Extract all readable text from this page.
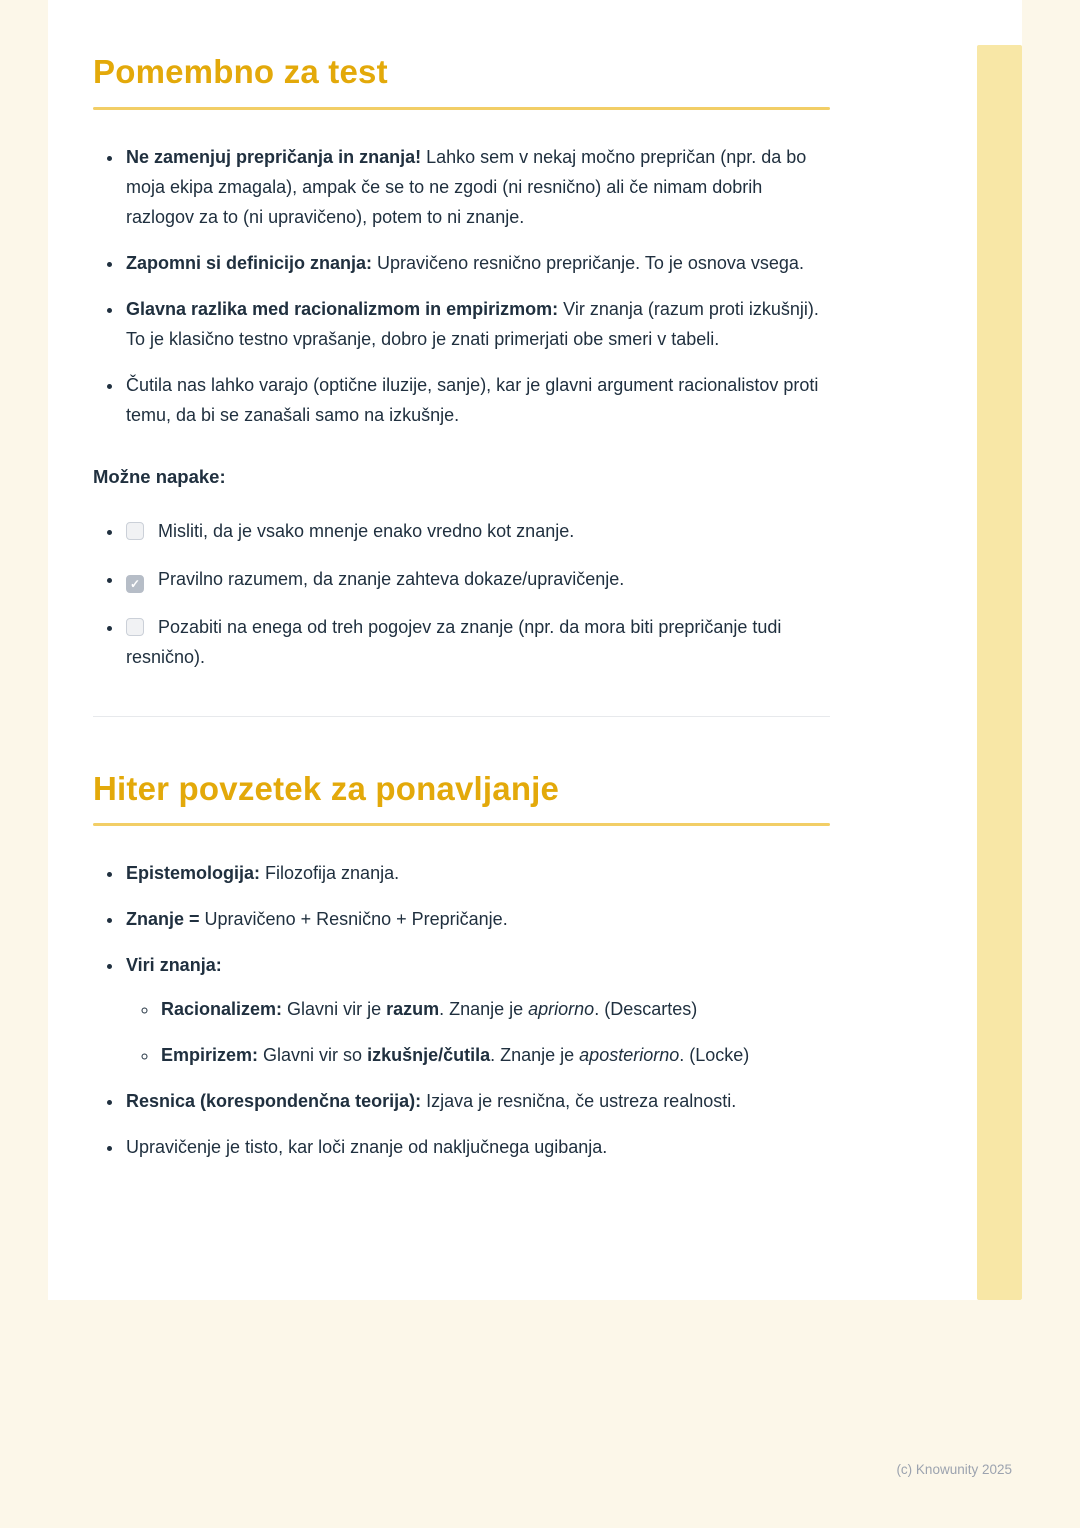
Pomembno za test
• Ne zamenjuj prepričanja in znanja! Lahko sem v nekaj močno prepričan (npr. da bo moja ekipa zmagala), ampak če se to ne zgodi (ni resnično) ali če nimam dobrih razlogov za to (ni upravičeno), potem to ni znanje.
• Zapomni si definicijo znanja: Upravičeno resnično prepričanje. To je osnova vsega.
• Glavna razlika med racionalizmom in empirizmom: Vir znanja (razum proti izkušnji). To je klasično testno vprašanje, dobro je znati primerjati obe smeri v tabeli.
• Čutila nas lahko varajo (optične iluzije, sanje), kar je glavni argument racionalistov proti temu, da bi se zanašali samo na izkušnje.

Možne napake:

• Misliti, da je vsako mnenje enako vredno kot znanje.
• ✓ Pravilno razumem, da znanje zahteva dokaze/upravičenje.
• Pozabiti na enega od treh pogojev za znanje (npr. da mora biti prepričanje tudi resnično).
Hiter povzetek za ponavljanje
• Epistemologija: Filozofija znanja.
• Znanje = Upravičeno + Resnično + Prepričanje.
• Viri znanja:
◦ Racionalizem: Glavni vir je razum. Znanje je apriorno. (Descartes)
◦ Empirizem: Glavni vir so izkušnje/čutila. Znanje je aposteriorno. (Locke)
• Resnica (korespondenčna teorija): Izjava je resnična, če ustreza realnosti.
• Upravičenje je tisto, kar loči znanje od naključnega ugibanja.
(c) Knowunity 2025
